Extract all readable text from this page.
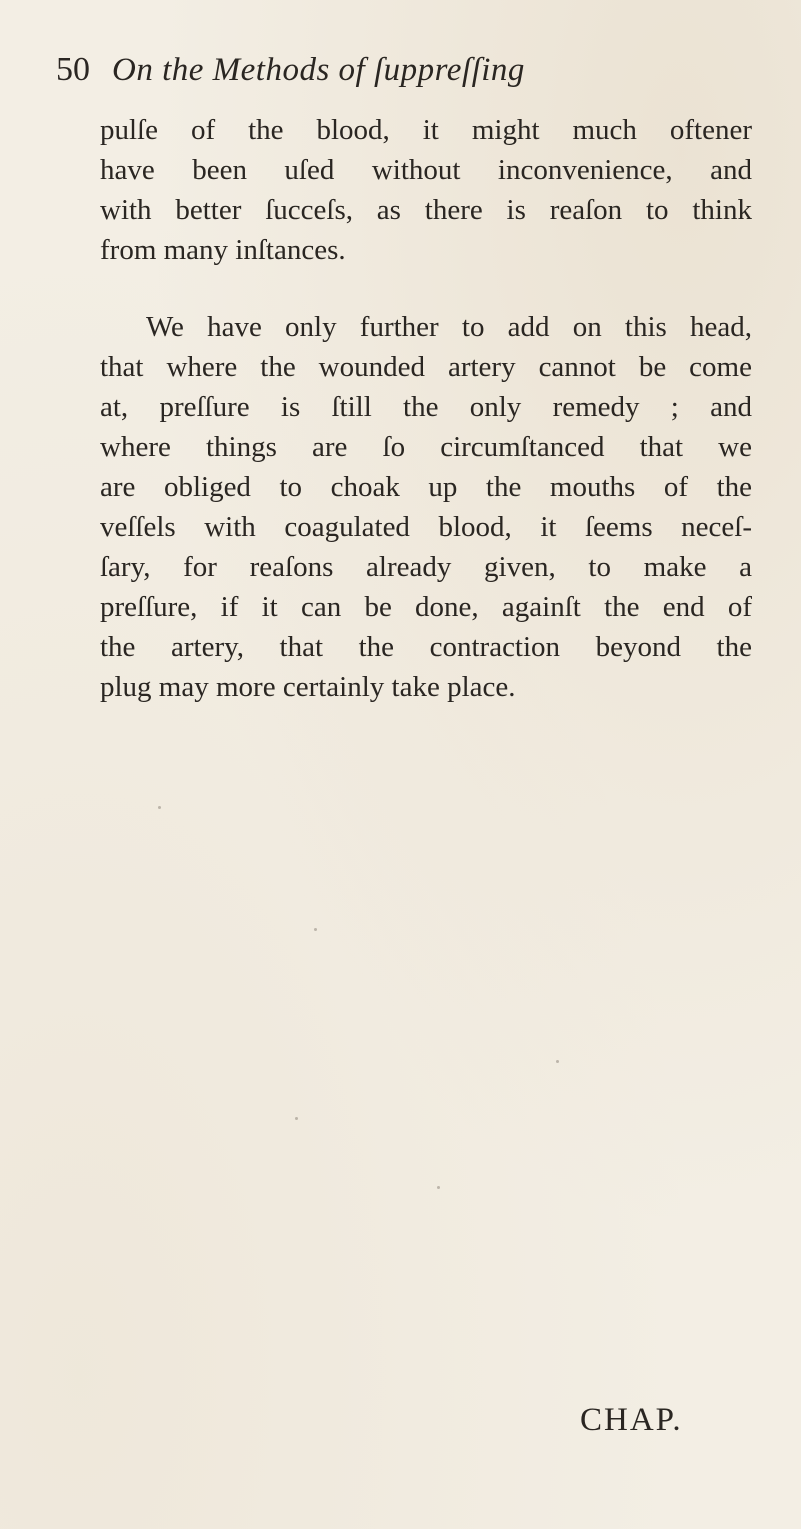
50 On the Methods of ſuppreſſing
pulſe of the blood, it might much oftener
have been uſed without inconvenience, and
with better ſucceſs, as there is reaſon to think
from many inſtances.
We have only further to add on this head,
that where the wounded artery cannot be come
at, preſſure is ſtill the only remedy ; and
where things are ſo circumſtanced that we
are obliged to choak up the mouths of the
veſſels with coagulated blood, it ſeems neceſ-
ſary, for reaſons already given, to make a
preſſure, if it can be done, againſt the end of
the artery, that the contraction beyond the
plug may more certainly take place.
CHAP.
